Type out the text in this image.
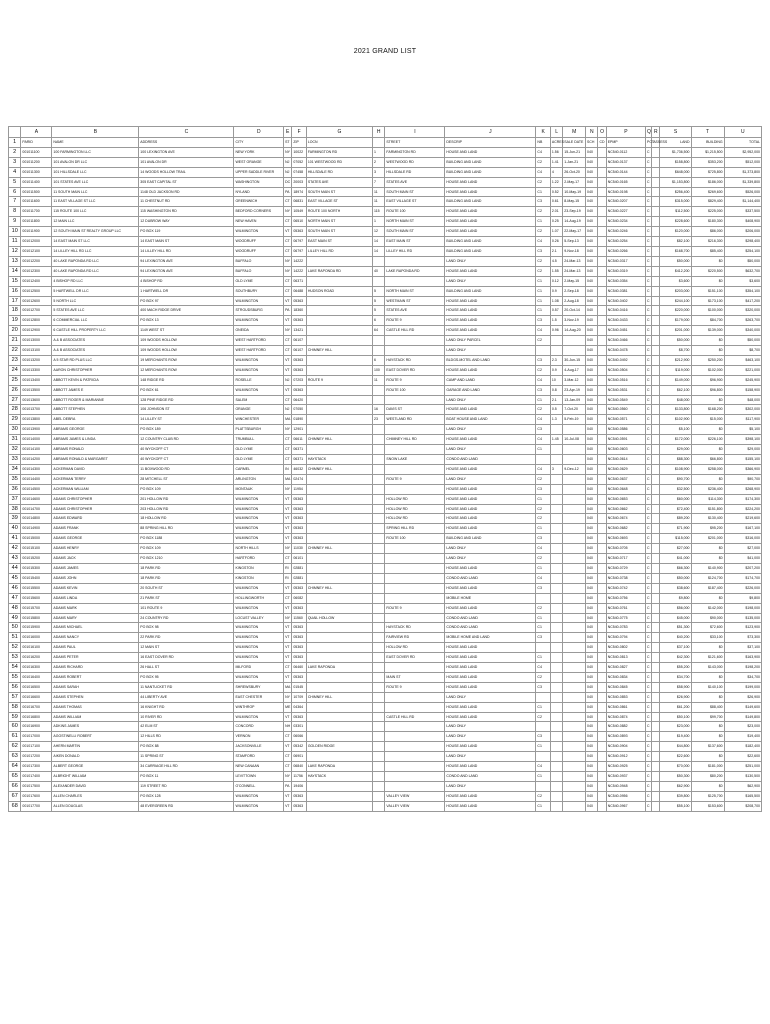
2021 GRAND LIST
	A	B	C	D	E	F	G	H	I	J	K	L	M	N	O	P	Q	R	S	T	U
1	PARID	NAME	ADDRESS	CITY	ST	ZIP	LOCN		STREET	DESCRIP	NB	ACRES	SALE DATE	SCH	CD	EPMP	PCT	ASSESS	LAND	BUILDING	TOTAL
2	001011100	100 FARMINGTON LLC	100 LEXINGTON AVE	NEW YORK	NY	10022	FARMINGTON RD	1	FARMINGTON RD	HOUSE AND LAND	C4	1.56	15-Jun-21	040		NC540-0112	C		$1,736,500	$1,215,500	$2,952,000
3	001011200	101 AVALON DR LLC	101 AVALON DR	WEST ORANGE	NJ	07052	101 WESTWOOD RD	2	WESTWOOD RD	BUILDING AND LAND	C2	1.41	1-Jan-21	040		NC540-0137	C		$158,800	$353,200	$512,000
4	001011300	101 HILLSDALE LLC	14 WOODS HOLLOW TRAIL	UPPER SADDLE RIVER	NJ	07458	HILLSDALE RD	3	HILLSDALE RD	BUILDING AND LAND	C4	4	26-Oct-20	040		NC540-0144	C		$648,000	$725,800	$1,373,800
5	001011400	101 STATES AVE LLC	305 EAST CAPITAL ST	WASHINGTON	DC	20003	STATES AVE	7	STATES AVE	HOUSE AND LAND	C2	1.22	2-May-17	040		NC540-0165	C		$1,153,800	$186,000	$1,339,800
6	001011500	11 SOUTH MAIN LLC	1148 OLD JACKSON RD	NYLAND	PA	18974	SOUTH MAIN ST	11	SOUTH MAIN ST	HOUSE AND LAND	C1	0.52	10-May-19	040		NC540-0198	C		$256,400	$269,600	$526,000
7	001011600	11 EAST VILLAGE ST LLC	11 CHESTNUT RD	GREENWICH	CT	06831	EAST VILLAGE ST	11	EAST VILLAGE ST	BUILDING AND LAND	C3	0.61	8-May-15	040		NC540-0207	C		$315,000	$829,400	$1,144,400
8	001011700	115 ROUTE 100 LLC	115 WASHINGTON RD	BEDFORD CORNERS	NY	10549	ROUTE 100 NORTH	115	ROUTE 100	HOUSE AND LAND	C2	2.01	23-Sep-19	040		NC540-0227	C		$112,500	$225,000	$337,500
9	001011800	12 MAIN LLC	12 DUBROW WAY	NEW HAVEN	CT	06510	NORTH MAIN ST	1	NORTH MAIN ST	HOUSE AND LAND	C1	0.25	14-Aug-19	040		NC540-0234	C		$228,600	$180,300	$408,900
10	001011900	12 SOUTH MAIN ST REALTY GROUP LLC	PO BOX 119	WILMINGTON	VT	05363	SOUTH MAIN ST	12	SOUTH MAIN ST	HOUSE AND LAND	C2	1.07	22-May-17	040		NC540-0246	C		$120,000	$86,000	$206,000
11	001012000	14 EAST MAIN ST LLC	14 EAST MAIN ST	WOODRUFF	CT	06797	EAST MAIN ST	14	EAST MAIN ST	BUILDING AND LAND	C4	0.26	5-Sep-13	040		NC540-0254	C		$82,100	$216,300	$298,400
12	001012100	14 LILLEY HILL RD LLC	14 LILLEY HILL RD	WOODRUFF	CT	06797	LILLEY HILL RD	14	LILLEY HILL RD	BUILDING AND LAND	C3	2.1	9-Nov-18	040		NC540-0266	C		$168,700	$85,400	$254,100
13	001012200	40 LAKE RAPONDA RD LLC	94 LEXINGTON AVE	BUFFALO	NY	14222				LAND ONLY	C2	4.5	24-Mar-13	040		NC540-0317	C		$50,000	$0	$50,000
14	001012300	40 LAKE RAPONDA RD LLC	94 LEXINGTON AVE	BUFFALO	NY	14222	LAKE RAPONDA RD	40	LAKE RAPONDA RD	HOUSE AND LAND	C2	1.55	24-Mar-13	040		NC540-0319	C		$412,200	$220,500	$632,700
15	001012400	4 BISHOP RD LLC	4 BISHOP RD	OLD LYME	CT	06371				LAND ONLY	C1	0.12	2-May-15	040		NC540-0354	C		$3,600	$0	$3,600
16	001012500	5 HARTWELL DR LLC	1 HARTWELL DR	SOUTHBURY	CT	06488	HUDSON ROAD	5	NORTH MAIN ST	BUILDING AND LAND	C1	0.9	2-Sep-18	040		NC540-0381	C		$203,000	$151,100	$354,100
17	001012600	5 NORTH LLC	PO BOX 97	WILMINGTON	VT	05363		5	WESTMAIN ST	HOUSE AND LAND	C1	1.08	2-Aug-18	040		NC540-0402	C		$244,100	$173,100	$417,200
18	001012700	5 STATES AVE LLC	400 MACH RIDGE DRIVE	STROUDSBURG	PA	18360		5	STATES AVE	HOUSE AND LAND	C1	0.57	20-Oct-14	040		NC540-0416	C		$220,000	$100,000	$320,000
19	001012800	6 COMMERCIAL LLC	PO BOX 13	WILMINGTON	VT	05363		6	ROUTE 9	HOUSE AND LAND	C3	1.5	3-Nov-19	040		NC540-0433	C		$179,000	$84,700	$263,700
20	001012900	6 CASTLE HILL PROPERTY LLC	1149 WEST ST	ONEIDA	NY	13421		64	CASTLE HILL RD	HOUSE AND LAND	C4	0.96	14-Aug-20	040		NC540-0451	C		$201,000	$139,000	$340,000
21	001013000	A & B ASSOCIATES	109 WOODS HOLLOW	WEST HARTFORD	CT	06107				LAND ONLY PARCEL	C2			040		NC540-0466	C		$50,000	$0	$50,000
22	001013100	A & B ASSOCIATES	109 WOODS HOLLOW	WEST HARTFORD	CT	06107	CHIMNEY HILL			LAND ONLY				040		NC540-0478	C		$8,700	$0	$8,700
23	001013200	A 5 STAR RD PLUS LLC	19 MERCHANTS ROW	WILMINGTON	VT	05363		6	HAYSTACK RD	BLDGS-MOTEL AND LAND	C3	2.3	30-Jun-15	040		NC540-0492	C		$212,900	$250,200	$463,100
24	001013300	AARON CHRISTOPHER	12 MERCHANTS ROW	WILMINGTON	VT	05363		100	EAST DOVER RD	HOUSE AND LAND	C2	0.9	4-Aug-17	040		NC540-0504	C		$119,000	$102,000	$221,000
25	001013400	ABBOTT KEVIN & PATRICIA	148 RIDGE RD	ROSELLE	NJ	07203	ROUTE 9	11	ROUTE 9	CAMP AND LAND	C4	10	3-Mar-12	040		NC540-0516	C		$149,000	$96,900	$245,900
26	001013500	ABBOTT JAMES E	PO BOX 61	WILMINGTON	VT	05363			ROUTE 100	GARAGE AND LAND	C3	0.8	23-Apr-19	040		NC540-0531	C		$62,100	$96,800	$158,900
27	001013600	ABBOTT ROGER & MARIANNE	128 PINE RIDGE RD	SALEM	CT	06420				LAND ONLY	C1	2.1	13-Jan-09	040		NC540-0549	C		$48,000	$0	$48,000
28	001013700	ABBOTT STEPHEN	106 JOHNSON ST	ORANGE	NJ	07050		16	DAVIS ST	HOUSE AND LAND	C2	0.5	7-Oct-20	040		NC540-0560	C		$133,800	$168,200	$302,000
29	001013800	ABEL DEBRA	14 LILLEY ST	WINCHESTER	MA	01890		23	WESTLAND RD	BOAT HOUSE AND LAND	C4	1.3	5-Feb-19	040		NC540-0571	C		$102,900	$15,000	$117,900
30	001013900	ABRAMS GEORGE	PO BOX 189	PLATTSBURGH	NY	12901				LAND ONLY	C3			040		NC540-0586	C		$5,100	$0	$5,100
31	001014000	ABRAMS JAMES & LINDA	12 COUNTRY CLUB RD	TRUMBULL	CT	06611	CHIMNEY HILL		CHIMNEY HILL RD	HOUSE AND LAND	C4	1.45	10-Jul-08	040		NC540-0591	C		$172,000	$226,100	$398,100
32	001014100	ABRAMS RONALD	40 WYCKOFF CT	OLD LYME	CT	06371				LAND ONLY	C1			040		NC540-0603	C		$29,000	$0	$29,000
33	001014200	ABRAMS RONALD & MARGARET	40 WYCKOFF CT	OLD LYME	CT	06371	HAYSTACK		SNOW LAKE	CONDO AND LAND				040		NC540-0614	C		$88,300	$66,800	$155,100
34	001014300	ACKERMAN DAVID	11 BOXWOOD RD	CARMEL	IN	46032	CHIMNEY HILL			HOUSE AND LAND	C4	3	9-Dec-12	040		NC540-0629	C		$108,900	$258,000	$366,900
35	001014400	ACKERMAN TERRY	28 MITCHELL ST	ARLINGTON	MA	02474			ROUTE 9	LAND ONLY	C2			040		NC540-0637	C		$90,700	$0	$90,700
36	001014500	ACKERMAN WILLIAM	PO BOX 109	MONTAUK	NY	11954				HOUSE AND LAND	C3			040		NC540-0648	C		$32,500	$236,400	$268,900
37	001014600	ADAMS CHRISTOPHER	201 HOLLOW RD	WILMINGTON	VT	05363			HOLLOW RD	HOUSE AND LAND	C1			040		NC540-0653	C		$60,000	$114,300	$174,300
38	001014700	ADAMS CHRISTOPHER	203 HOLLOW RD	WILMINGTON	VT	05363			HOLLOW RD	HOUSE AND LAND	C2			040		NC540-0662	C		$72,400	$151,800	$224,200
39	001014800	ADAMS EDWARD	18 HOLLOW RD	WILMINGTON	VT	05363			HOLLOW RD	HOUSE AND LAND	C2			040		NC540-0674	C		$89,200	$130,400	$219,600
40	001014900	ADAMS FRANK	88 SPRING HILL RD	WILMINGTON	VT	05363			SPRING HILL RD	HOUSE AND LAND	C1			040		NC540-0682	C		$71,900	$95,200	$167,100
41	001015000	ADAMS GEORGE	PO BOX 1188	WILMINGTON	VT	05363			ROUTE 100	BUILDING AND LAND	C3			040		NC540-0693	C		$115,000	$201,000	$316,000
42	001015100	ADAMS HENRY	PO BOX 109	NORTH HILLS	NY	11030	CHIMNEY HILL			LAND ONLY	C4			040		NC540-0705	C		$27,000	$0	$27,000
43	001015200	ADAMS JACK	PO BOX 1210	HARTFORD	CT	06101				LAND ONLY	C2			040		NC540-0717	C		$41,000	$0	$41,000
44	001015300	ADAMS JAMES	18 PARK RD	KINGSTON	RI	02881				HOUSE AND LAND	C1			040		NC540-0729	C		$66,300	$140,900	$207,200
45	001015400	ADAMS JOHN	18 PARK RD	KINGSTON	RI	02881				CONDO AND LAND	C4			040		NC540-0738	C		$50,000	$124,700	$174,700
46	001015500	ADAMS KEVIN	20 SOUTH ST	WILMINGTON	VT	05363	CHIMNEY HILL			HOUSE AND LAND	C3			040		NC540-0742	C		$38,600	$187,400	$226,000
47	001015600	ADAMS LINDA	21 PARK ST	HOLLINGWORTH	CT	06082				MOBILE HOME				040		NC540-0756	C		$9,800	$0	$9,800
48	001015700	ADAMS MARK	101 ROUTE 9	WILMINGTON	VT	05363			ROUTE 9	HOUSE AND LAND	C2			040		NC540-0761	C		$56,000	$142,000	$198,000
49	001015800	ADAMS MARY	24 COUNTRY RD	LOCUST VALLEY	NY	11560	QUAIL HOLLOW			CONDO AND LAND	C1			040		NC540-0775	C		$45,000	$90,000	$135,000
50	001015900	ADAMS MICHAEL	PO BOX 98	WILMINGTON	VT	05363			HAYSTACK RD	CONDO AND LAND	C1			040		NC540-0783	C		$51,300	$72,600	$123,900
51	001016000	ADAMS NANCY	22 PARK RD	WILMINGTON	VT	05363			FAIRVIEW RD	MOBILE HOME AND LAND	C3			040		NC540-0794	C		$40,200	$33,100	$73,300
52	001016100	ADAMS PAUL	12 MAIN ST	WILMINGTON	VT	05363			HOLLOW RD	HOUSE AND LAND				040		NC540-0802	C		$37,100	$0	$37,100
53	001016200	ADAMS PETER	16 EAST DOVER RD	WILMINGTON	VT	05363			EAST DOVER RD	HOUSE AND LAND	C1			040		NC540-0813	C		$42,300	$121,600	$163,900
54	001016300	ADAMS RICHARD	26 HALL ST	MILFORD	CT	06460	LAKE RAPONDA			HOUSE AND LAND	C4			040		NC540-0827	C		$55,200	$143,000	$198,200
55	001016400	ADAMS ROBERT	PO BOX 95	WILMINGTON	VT	05363			MAIN ST	HOUSE AND LAND	C2			040		NC540-0834	C		$34,700	$0	$34,700
56	001016500	ADAMS SARAH	11 NANTUCKET RD	SHREWSBURY	MA	01545			ROUTE 9	HOUSE AND LAND	C3			040		NC540-0845	C		$58,900	$140,100	$199,000
57	001016600	ADAMS STEPHEN	44 LIBERTY AVE	EAST CHESTER	NY	10709	CHIMNEY HILL			LAND ONLY				040		NC540-0853	C		$26,900	$0	$26,900
58	001016700	ADAMS THOMAS	16 KNIGHT RD	WINTHROP	ME	04364				HOUSE AND LAND	C1			040		NC540-0861	C		$61,200	$88,400	$149,600
59	001016800	ADAMS WILLIAM	10 RIVER RD	WILMINGTON	VT	05363			CASTLE HILL RD	HOUSE AND LAND	C2			040		NC540-0874	C		$50,100	$99,700	$149,800
60	001016900	ADKINS JAMES	42 ELM ST	CONCORD	NH	03301				LAND ONLY				040		NC540-0882	C		$23,000	$0	$23,000
61	001017000	AGOSTINELLI ROBERT	12 HILLS RD	VERNON	CT	06066				LAND ONLY	C3			040		NC540-0893	C		$19,400	$0	$19,400
62	001017100	AHERN MARTIN	PO BOX 88	JACKSONVILLE	VT	05342	GOLDEN RIDGE			HOUSE AND LAND	C1			040		NC540-0904	C		$44,800	$137,600	$182,400
63	001017200	AIKEN DONALD	11 SPRING ST	STAMFORD	CT	06901				LAND ONLY				040		NC540-0912	C		$22,600	$0	$22,600
64	001017300	ALBERT GEORGE	34 CARRIAGE HILL RD	NEW CANAAN	CT	06840	LAKE RAPONDA			HOUSE AND LAND	C4			040		NC540-0925	C		$70,000	$181,000	$251,000
65	001017400	ALBRIGHT WILLIAM	PO BOX 11	LEVITTOWN	NY	11756	HAYSTACK			CONDO AND LAND	C1			040		NC540-0937	C		$50,300	$80,200	$130,500
66	001017500	ALEXANDER DAVID	119 STREET RD	O'CONNELL	PA	19406				LAND ONLY				040		NC540-0948	C		$62,900	$0	$62,900
67	001017600	ALLEN CHARLES	PO BOX 128	WILMINGTON	VT	05363			VALLEY VIEW	HOUSE AND LAND	C2			040		NC540-0956	C		$39,800	$125,700	$165,500
68	001017700	ALLEN DOUGLAS	48 EVERGREEN RD	WILMINGTON	VT	05363			VALLEY VIEW	HOUSE AND LAND	C1			040		NC540-0967	C		$55,100	$153,600	$208,700
